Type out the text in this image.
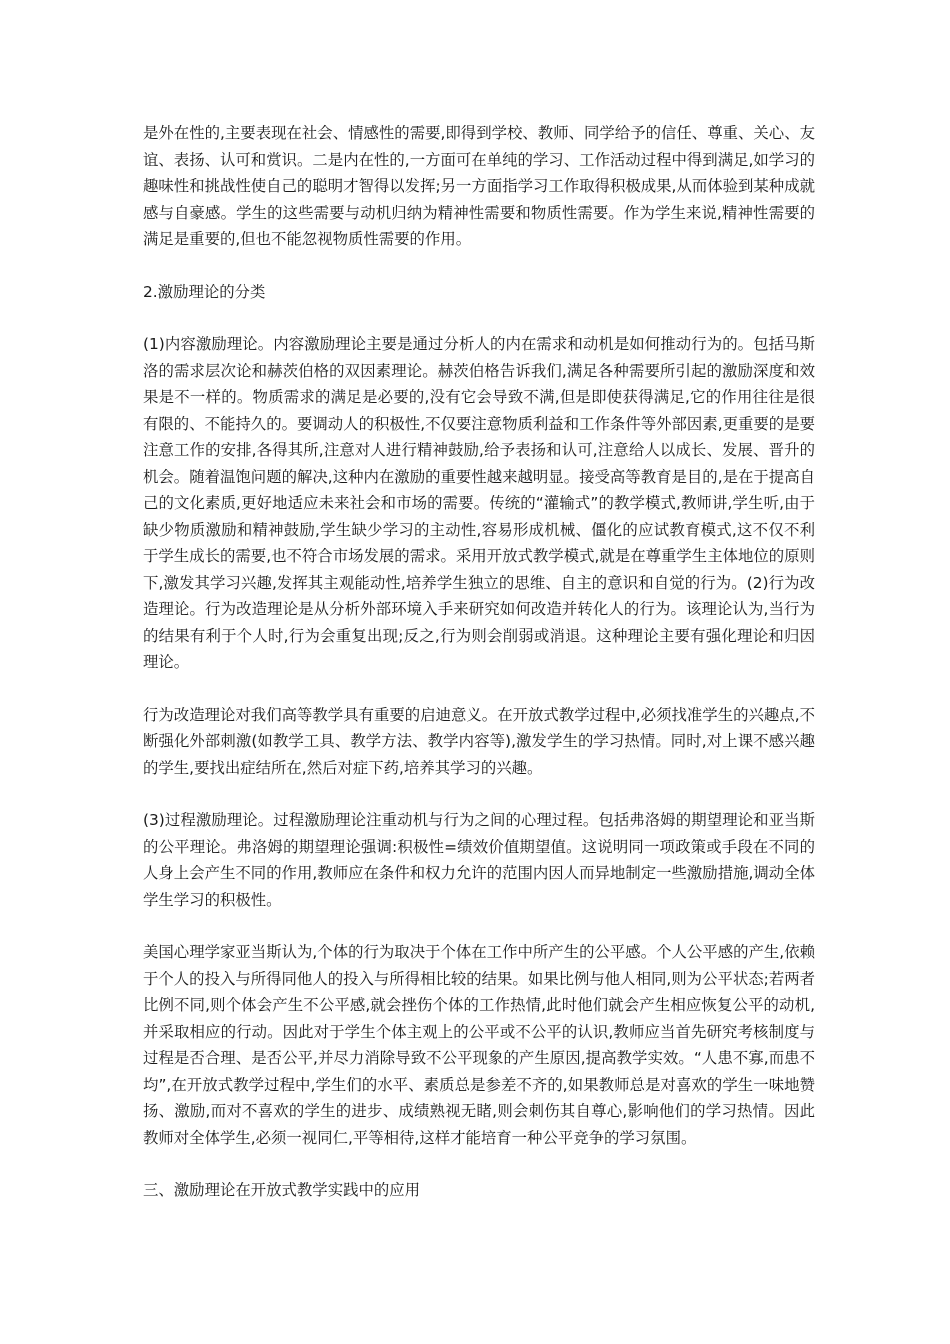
是外在性的,主要表现在社会、情感性的需要,即得到学校、教师、同学给予的信任、尊重、关心、友谊、表扬、认可和赏识。二是内在性的,一方面可在单纯的学习、工作活动过程中得到满足,如学习的趣味性和挑战性使自己的聪明才智得以发挥;另一方面指学习工作取得积极成果,从而体验到某种成就感与自豪感。学生的这些需要与动机归纳为精神性需要和物质性需要。作为学生来说,精神性需要的满足是重要的,但也不能忽视物质性需要的作用。

2.激励理论的分类

(1)内容激励理论。内容激励理论主要是通过分析人的内在需求和动机是如何推动行为的。包括马斯洛的需求层次论和赫茨伯格的双因素理论。赫茨伯格告诉我们,满足各种需要所引起的激励深度和效果是不一样的。物质需求的满足是必要的,没有它会导致不满,但是即使获得满足,它的作用往往是很有限的、不能持久的。要调动人的积极性,不仅要注意物质利益和工作条件等外部因素,更重要的是要注意工作的安排,各得其所,注意对人进行精神鼓励,给予表扬和认可,注意给人以成长、发展、晋升的机会。随着温饱问题的解决,这种内在激励的重要性越来越明显。接受高等教育是目的,是在于提高自己的文化素质,更好地适应未来社会和市场的需要。传统的“灌输式”的教学模式,教师讲,学生听,由于缺少物质激励和精神鼓励,学生缺少学习的主动性,容易形成机械、僵化的应试教育模式,这不仅不利于学生成长的需要,也不符合市场发展的需求。采用开放式教学模式,就是在尊重学生主体地位的原则下,激发其学习兴趣,发挥其主观能动性,培养学生独立的思维、自主的意识和自觉的行为。(2)行为改造理论。行为改造理论是从分析外部环境入手来研究如何改造并转化人的行为。该理论认为,当行为的结果有利于个人时,行为会重复出现;反之,行为则会削弱或消退。这种理论主要有强化理论和归因理论。

行为改造理论对我们高等教学具有重要的启迪意义。在开放式教学过程中,必须找准学生的兴趣点,不断强化外部刺激(如教学工具、教学方法、教学内容等),激发学生的学习热情。同时,对上课不感兴趣的学生,要找出症结所在,然后对症下药,培养其学习的兴趣。

(3)过程激励理论。过程激励理论注重动机与行为之间的心理过程。包括弗洛姆的期望理论和亚当斯的公平理论。弗洛姆的期望理论强调:积极性=绩效价值期望值。这说明同一项政策或手段在不同的人身上会产生不同的作用,教师应在条件和权力允许的范围内因人而异地制定一些激励措施,调动全体学生学习的积极性。

美国心理学家亚当斯认为,个体的行为取决于个体在工作中所产生的公平感。个人公平感的产生,依赖于个人的投入与所得同他人的投入与所得相比较的结果。如果比例与他人相同,则为公平状态;若两者比例不同,则个体会产生不公平感,就会挫伤个体的工作热情,此时他们就会产生相应恢复公平的动机,并采取相应的行动。因此对于学生个体主观上的公平或不公平的认识,教师应当首先研究考核制度与过程是否合理、是否公平,并尽力消除导致不公平现象的产生原因,提高教学实效。“人患不寡,而患不均”,在开放式教学过程中,学生们的水平、素质总是参差不齐的,如果教师总是对喜欢的学生一味地赞扬、激励,而对不喜欢的学生的进步、成绩熟视无睹,则会刺伤其自尊心,影响他们的学习热情。因此教师对全体学生,必须一视同仁,平等相待,这样才能培育一种公平竞争的学习氛围。

三、激励理论在开放式教学实践中的应用
